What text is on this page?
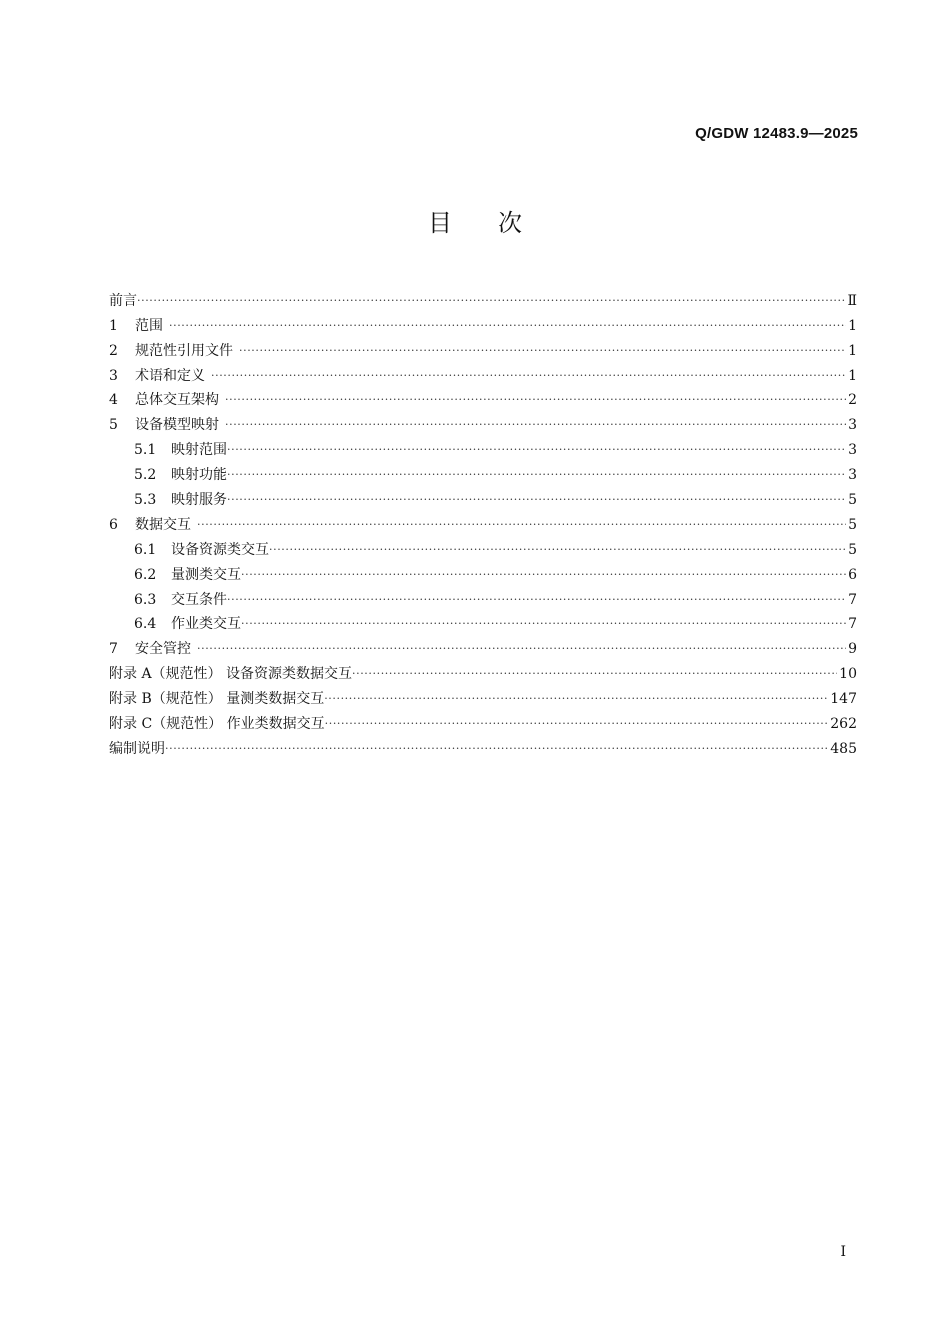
Q/GDW 12483.9—2025
目 次
前言 ·····	Ⅱ
1	范围 ·····	1
2	规范性引用文件 ·····	1
3	术语和定义 ·····	1
4	总体交互架构 ·····	2
5	设备模型映射 ·····	3
5.1	映射范围 ·····	3
5.2	映射功能 ·····	3
5.3	映射服务 ·····	5
6	数据交互 ·····	5
6.1	设备资源类交互 ·····	5
6.2	量测类交互 ·····	6
6.3	交互条件 ·····	7
6.4	作业类交互 ·····	7
7	安全管控 ·····	9
附录 A（规范性） 设备资源类数据交互 ·····	10
附录 B（规范性） 量测类数据交互 ·····	147
附录 C（规范性） 作业类数据交互 ·····	262
编制说明 ·····	485
I
